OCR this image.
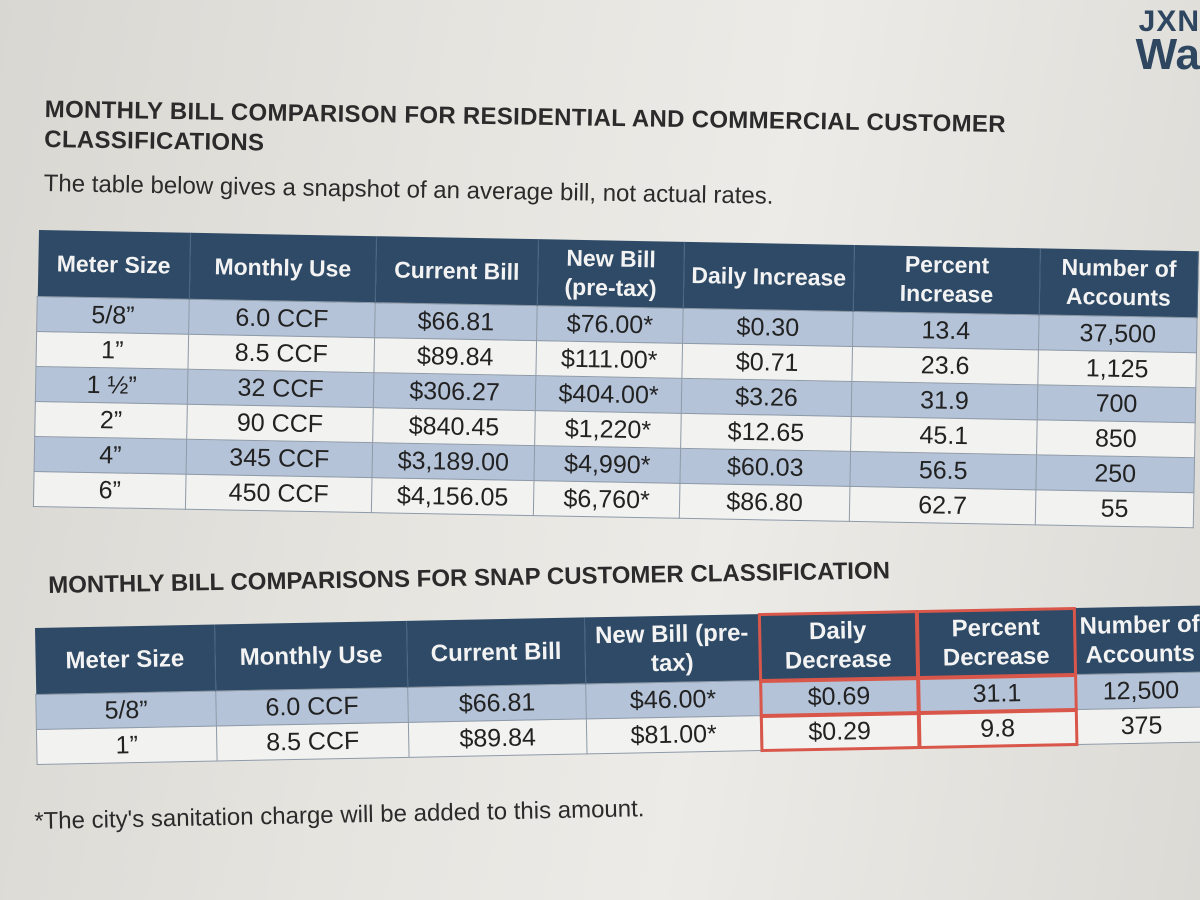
JXN
Wa
MONTHLY BILL COMPARISON FOR RESIDENTIAL AND COMMERCIAL CUSTOMER CLASSIFICATIONS
The table below gives a snapshot of an average bill, not actual rates.
Meter Size	Monthly Use	Current Bill	New Bill (pre-tax)	Daily Increase	Percent Increase	Number of Accounts
5/8”	6.0 CCF	$66.81	$76.00*	$0.30	13.4	37,500
1”	8.5 CCF	$89.84	$111.00*	$0.71	23.6	1,125
1 ½”	32 CCF	$306.27	$404.00*	$3.26	31.9	700
2”	90 CCF	$840.45	$1,220*	$12.65	45.1	850
4”	345 CCF	$3,189.00	$4,990*	$60.03	56.5	250
6”	450 CCF	$4,156.05	$6,760*	$86.80	62.7	55
MONTHLY BILL COMPARISONS FOR SNAP CUSTOMER CLASSIFICATION
Meter Size	Monthly Use	Current Bill	New Bill (pre-tax)	Daily Decrease	Percent Decrease	Number of Accounts
5/8”	6.0 CCF	$66.81	$46.00*	$0.69	31.1	12,500
1”	8.5 CCF	$89.84	$81.00*	$0.29	9.8	375
*The city's sanitation charge will be added to this amount.
